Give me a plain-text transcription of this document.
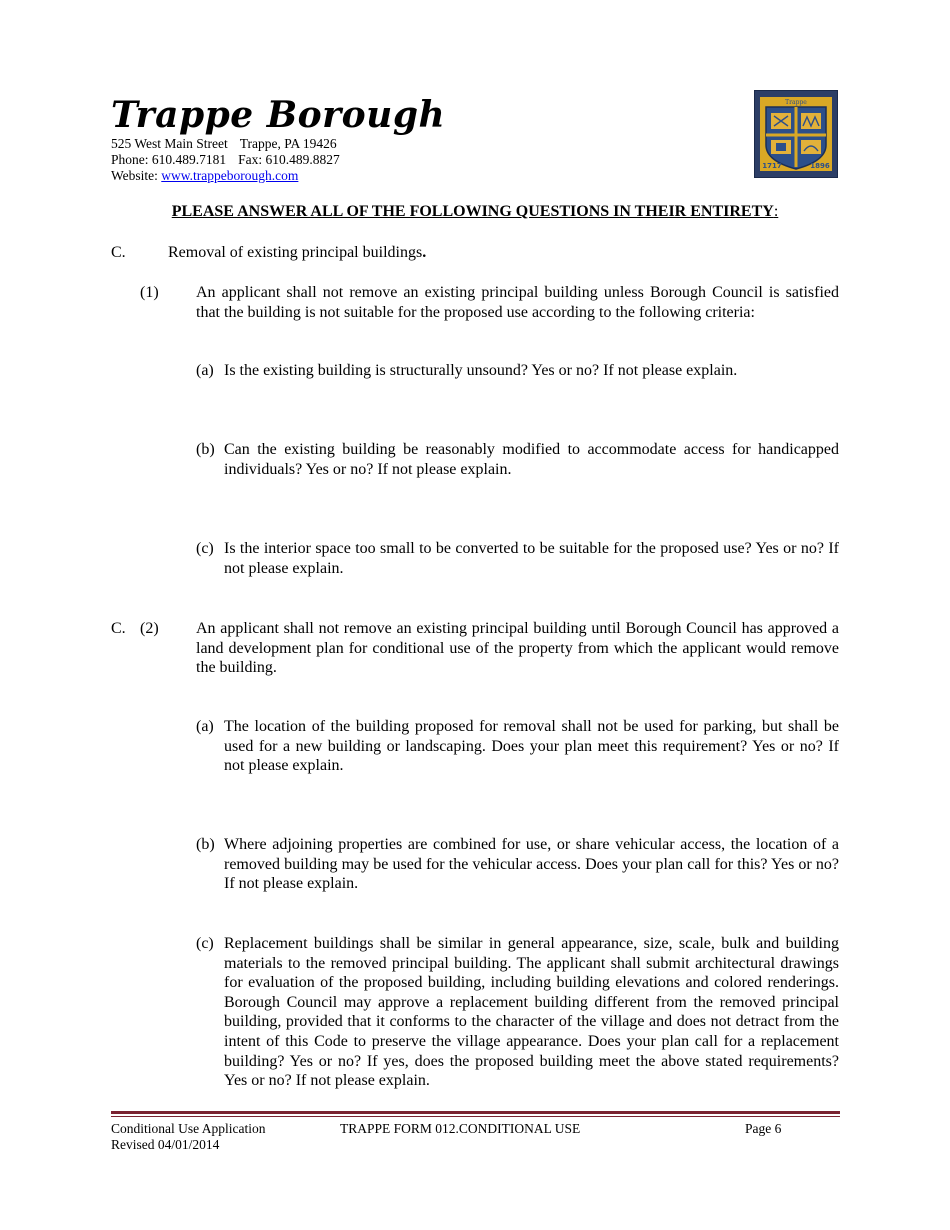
Trappe Borough
525 West Main Street Trappe, PA 19426
Phone: 610.489.7181 Fax: 610.489.8827
Website: www.trappeborough.com
Trappe
1717	1896
PLEASE ANSWER ALL OF THE FOLLOWING QUESTIONS IN THEIR ENTIRETY:
C.	Removal of existing principal buildings.
(1) An applicant shall not remove an existing principal building unless Borough Council is satisfied that the building is not suitable for the proposed use according to the following criteria:
(a) Is the existing building is structurally unsound? Yes or no? If not please explain.
(b) Can the existing building be reasonably modified to accommodate access for handicapped individuals? Yes or no? If not please explain.
(c) Is the interior space too small to be converted to be suitable for the proposed use? Yes or no? If not please explain.
C. (2) An applicant shall not remove an existing principal building until Borough Council has approved a land development plan for conditional use of the property from which the applicant would remove the building.
(a) The location of the building proposed for removal shall not be used for parking, but shall be used for a new building or landscaping. Does your plan meet this requirement? Yes or no? If not please explain.
(b) Where adjoining properties are combined for use, or share vehicular access, the location of a removed building may be used for the vehicular access. Does your plan call for this? Yes or no? If not please explain.
(c) Replacement buildings shall be similar in general appearance, size, scale, bulk and building materials to the removed principal building. The applicant shall submit architectural drawings for evaluation of the proposed building, including building elevations and colored renderings. Borough Council may approve a replacement building different from the removed principal building, provided that it conforms to the character of the village and does not detract from the intent of this Code to preserve the village appearance. Does your plan call for a replacement building? Yes or no? If yes, does the proposed building meet the above stated requirements? Yes or no? If not please explain.
Conditional Use Application
Revised 04/01/2014
TRAPPE FORM 012.CONDITIONAL USE	Page 6
